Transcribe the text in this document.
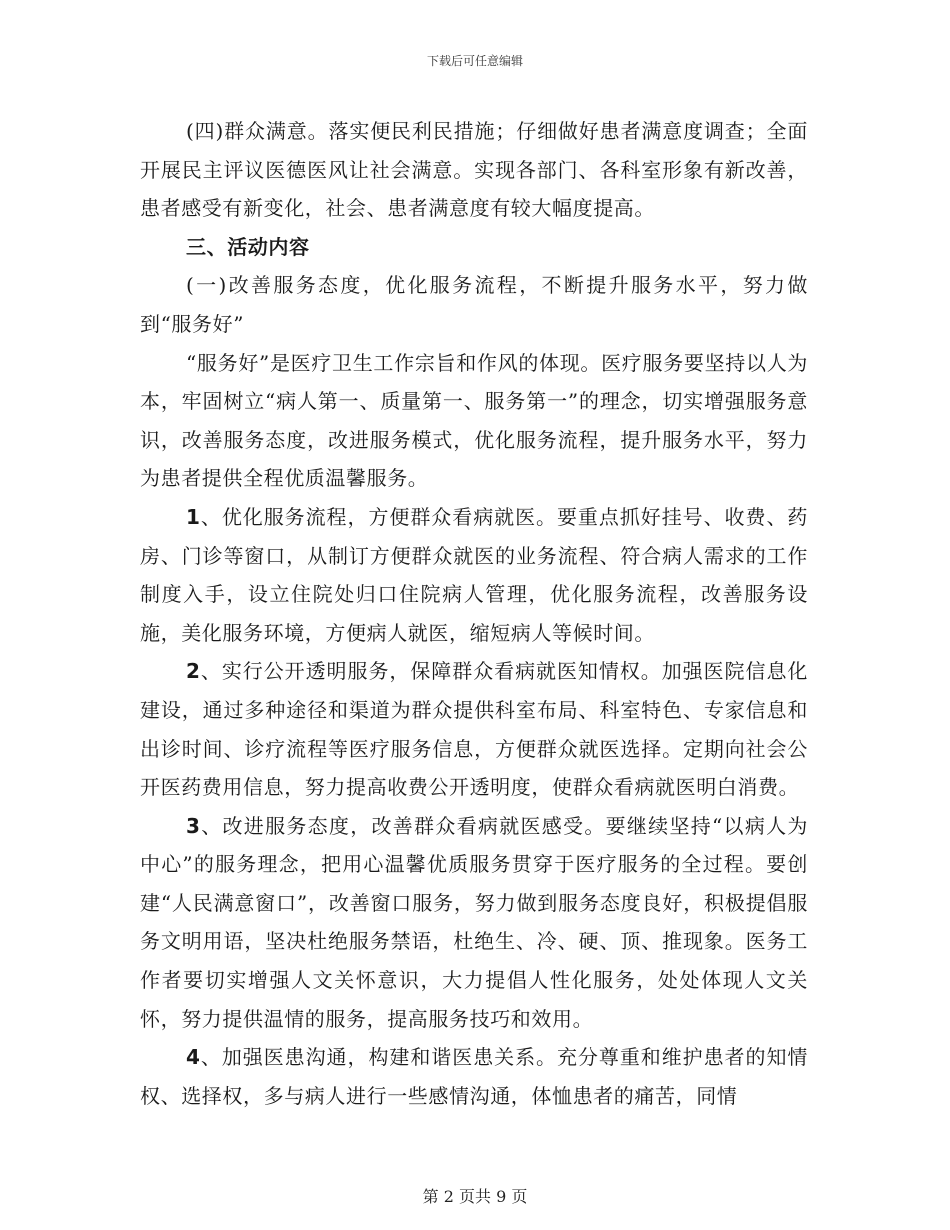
下载后可任意编辑

(四)群众满意。落实便民利民措施；仔细做好患者满意度调查；全面开展民主评议医德医风让社会满意。实现各部门、各科室形象有新改善，患者感受有新变化，社会、患者满意度有较大幅度提高。

三、活动内容

(一)改善服务态度，优化服务流程，不断提升服务水平，努力做到“服务好”

“服务好”是医疗卫生工作宗旨和作风的体现。医疗服务要坚持以人为本，牢固树立“病人第一、质量第一、服务第一”的理念，切实增强服务意识，改善服务态度，改进服务模式，优化服务流程，提升服务水平，努力为患者提供全程优质温馨服务。

1、优化服务流程，方便群众看病就医。要重点抓好挂号、收费、药房、门诊等窗口，从制订方便群众就医的业务流程、符合病人需求的工作制度入手，设立住院处归口住院病人管理，优化服务流程，改善服务设施，美化服务环境，方便病人就医，缩短病人等候时间。

2、实行公开透明服务，保障群众看病就医知情权。加强医院信息化建设，通过多种途径和渠道为群众提供科室布局、科室特色、专家信息和出诊时间、诊疗流程等医疗服务信息，方便群众就医选择。定期向社会公开医药费用信息，努力提高收费公开透明度，使群众看病就医明白消费。

3、改进服务态度，改善群众看病就医感受。要继续坚持“以病人为中心”的服务理念，把用心温馨优质服务贯穿于医疗服务的全过程。要创建“人民满意窗口”，改善窗口服务，努力做到服务态度良好，积极提倡服务文明用语，坚决杜绝服务禁语，杜绝生、冷、硬、顶、推现象。医务工作者要切实增强人文关怀意识，大力提倡人性化服务，处处体现人文关怀，努力提供温情的服务，提高服务技巧和效用。

4、加强医患沟通，构建和谐医患关系。充分尊重和维护患者的知情权、选择权，多与病人进行一些感情沟通，体恤患者的痛苦，同情

第 2 页共 9 页
